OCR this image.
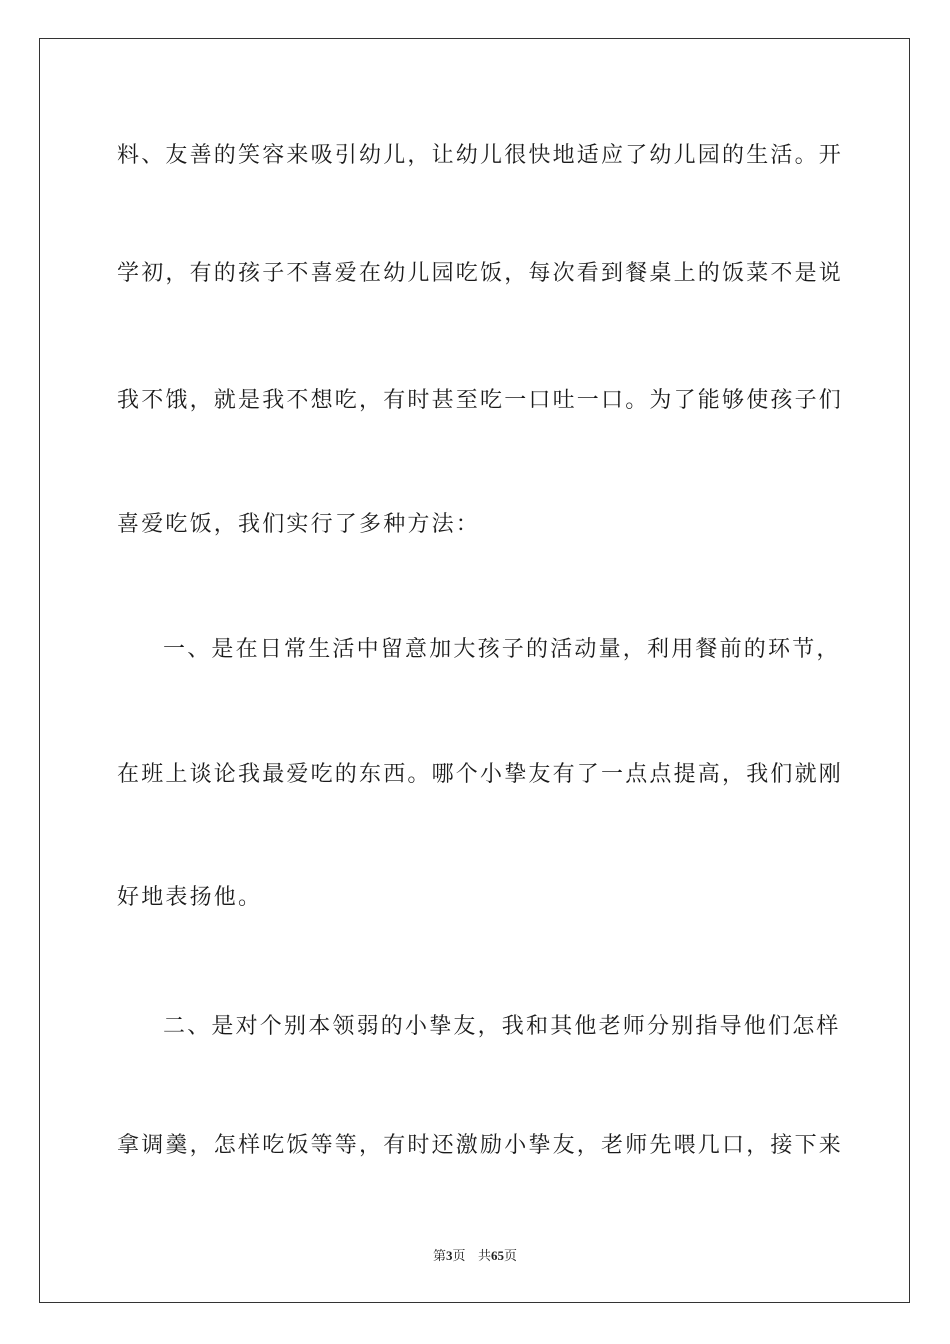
料、友善的笑容来吸引幼儿，让幼儿很快地适应了幼儿园的生活。开
学初，有的孩子不喜爱在幼儿园吃饭，每次看到餐桌上的饭菜不是说
我不饿，就是我不想吃，有时甚至吃一口吐一口。为了能够使孩子们
喜爱吃饭，我们实行了多种方法：
一、是在日常生活中留意加大孩子的活动量，利用餐前的环节，
在班上谈论我最爱吃的东西。哪个小挚友有了一点点提高，我们就刚
好地表扬他。
二、是对个别本领弱的小挚友，我和其他老师分别指导他们怎样
拿调羹，怎样吃饭等等，有时还激励小挚友，老师先喂几口，接下来
第3页 共65页
